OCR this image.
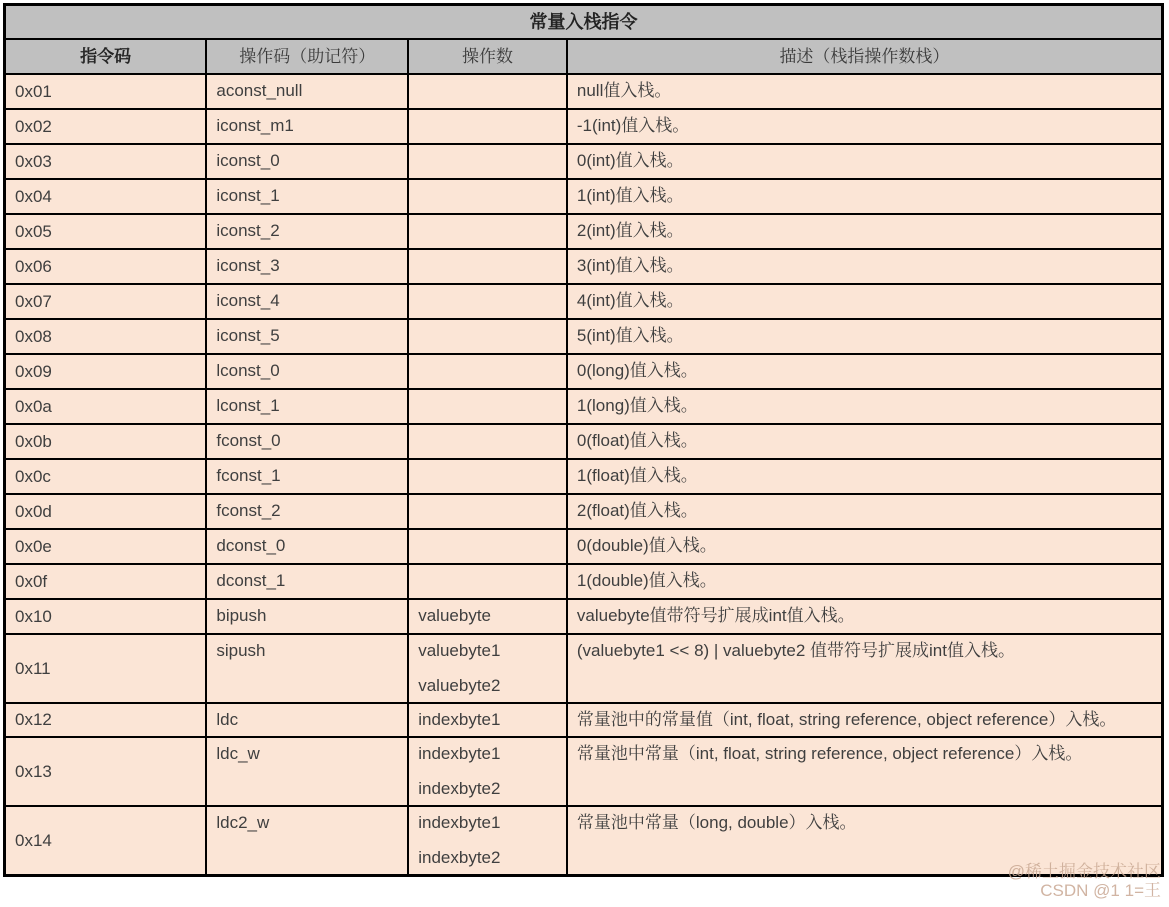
常量入栈指令			
指令码	操作码（助记符）	操作数	描述（栈指操作数栈）
0x01	aconst_null		null值入栈。
0x02	iconst_m1		-1(int)值入栈。
0x03	iconst_0		0(int)值入栈。
0x04	iconst_1		1(int)值入栈。
0x05	iconst_2		2(int)值入栈。
0x06	iconst_3		3(int)值入栈。
0x07	iconst_4		4(int)值入栈。
0x08	iconst_5		5(int)值入栈。
0x09	lconst_0		0(long)值入栈。
0x0a	lconst_1		1(long)值入栈。
0x0b	fconst_0		0(float)值入栈。
0x0c	fconst_1		1(float)值入栈。
0x0d	fconst_2		2(float)值入栈。
0x0e	dconst_0		0(double)值入栈。
0x0f	dconst_1		1(double)值入栈。
0x10	bipush	valuebyte	valuebyte值带符号扩展成int值入栈。
0x11	sipush	valuebyte1
valuebyte2	(valuebyte1 << 8) | valuebyte2 值带符号扩展成int值入栈。
0x12	ldc	indexbyte1	常量池中的常量值（int, float, string reference, object reference）入栈。
0x13	ldc_w	indexbyte1
indexbyte2	常量池中常量（int, float, string reference, object reference）入栈。
0x14	ldc2_w	indexbyte1
indexbyte2	常量池中常量（long, double）入栈。
@稀土掘金技术社区
CSDN @1 1=王
